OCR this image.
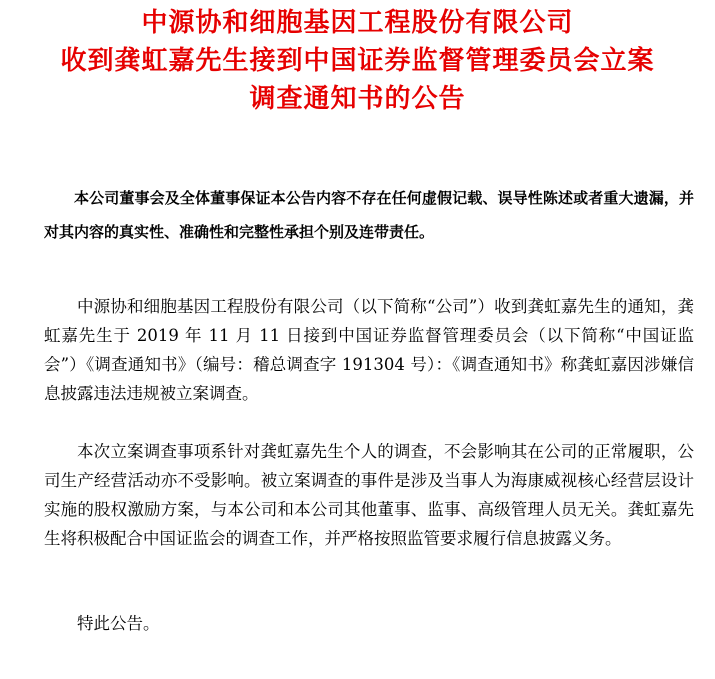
中源协和细胞基因工程股份有限公司
收到龚虹嘉先生接到中国证券监督管理委员会立案
调查通知书的公告

本公司董事会及全体董事保证本公告内容不存在任何虚假记载、误导性陈述或者重大遗漏，并对其内容的真实性、准确性和完整性承担个别及连带责任。

中源协和细胞基因工程股份有限公司（以下简称“公司”）收到龚虹嘉先生的通知，龚虹嘉先生于 2019 年 11 月 11 日接到中国证券监督管理委员会（以下简称“中国证监会”）《调查通知书》（编号：稽总调查字 191304 号）：《调查通知书》称龚虹嘉因涉嫌信息披露违法违规被立案调查。

本次立案调查事项系针对龚虹嘉先生个人的调查，不会影响其在公司的正常履职，公司生产经营活动亦不受影响。被立案调查的事件是涉及当事人为海康威视核心经营层设计实施的股权激励方案，与本公司和本公司其他董事、监事、高级管理人员无关。龚虹嘉先生将积极配合中国证监会的调查工作，并严格按照监管要求履行信息披露义务。

特此公告。
